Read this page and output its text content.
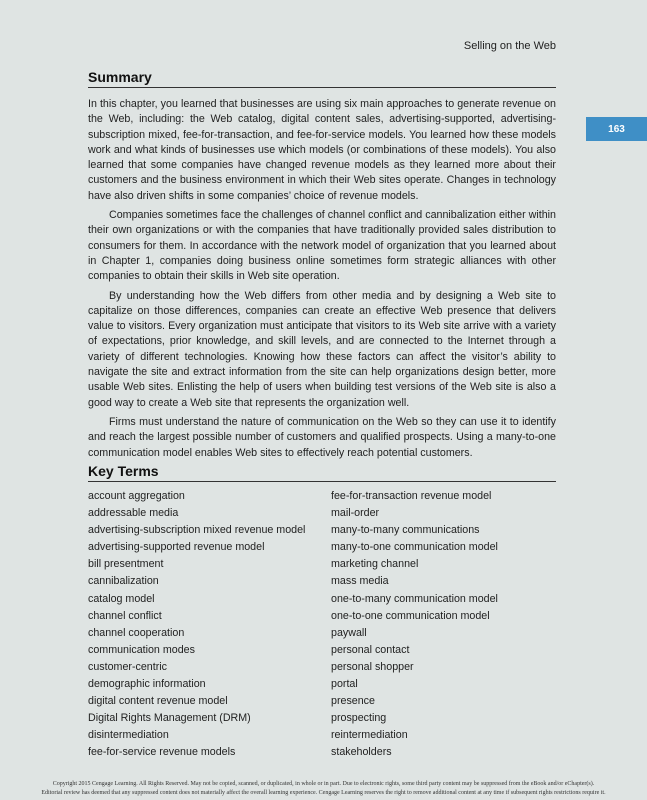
Selling on the Web
163
Summary

In this chapter, you learned that businesses are using six main approaches to generate revenue on the Web, including: the Web catalog, digital content sales, advertising-supported, advertising-subscription mixed, fee-for-transaction, and fee-for-service models. You learned how these models work and what kinds of businesses use which models (or combinations of these models). You also learned that some companies have changed revenue models as they learned more about their customers and the business environment in which their Web sites operate. Changes in technology have also driven shifts in some companies’ choice of revenue models.

Companies sometimes face the challenges of channel conflict and cannibalization either within their own organizations or with the companies that have traditionally provided sales distribution to consumers for them. In accordance with the network model of organization that you learned about in Chapter 1, companies doing business online sometimes form strategic alliances with other companies to obtain their skills in Web site operation.

By understanding how the Web differs from other media and by designing a Web site to capitalize on those differences, companies can create an effective Web presence that delivers value to visitors. Every organization must anticipate that visitors to its Web site arrive with a variety of expectations, prior knowledge, and skill levels, and are connected to the Internet through a variety of different technologies. Knowing how these factors can affect the visitor’s ability to navigate the site and extract information from the site can help organizations design better, more usable Web sites. Enlisting the help of users when building test versions of the Web site is also a good way to create a Web site that represents the organization well.

Firms must understand the nature of communication on the Web so they can use it to identify and reach the largest possible number of customers and qualified prospects. Using a many-to-one communication model enables Web sites to effectively reach potential customers.

Key Terms
account aggregation
addressable media
advertising-subscription mixed revenue model
advertising-supported revenue model
bill presentment
cannibalization
catalog model
channel conflict
channel cooperation
communication modes
customer-centric
demographic information
digital content revenue model
Digital Rights Management (DRM)
disintermediation
fee-for-service revenue models
fee-for-transaction revenue model
mail-order
many-to-many communications
many-to-one communication model
marketing channel
mass media
one-to-many communication model
one-to-one communication model
paywall
personal contact
personal shopper
portal
presence
prospecting
reintermediation
stakeholders
Copyright 2015 Cengage Learning. All Rights Reserved. May not be copied, scanned, or duplicated, in whole or in part. Due to electronic rights, some third party content may be suppressed from the eBook and/or eChapter(s).
Editorial review has deemed that any suppressed content does not materially affect the overall learning experience. Cengage Learning reserves the right to remove additional content at any time if subsequent rights restrictions require it.
